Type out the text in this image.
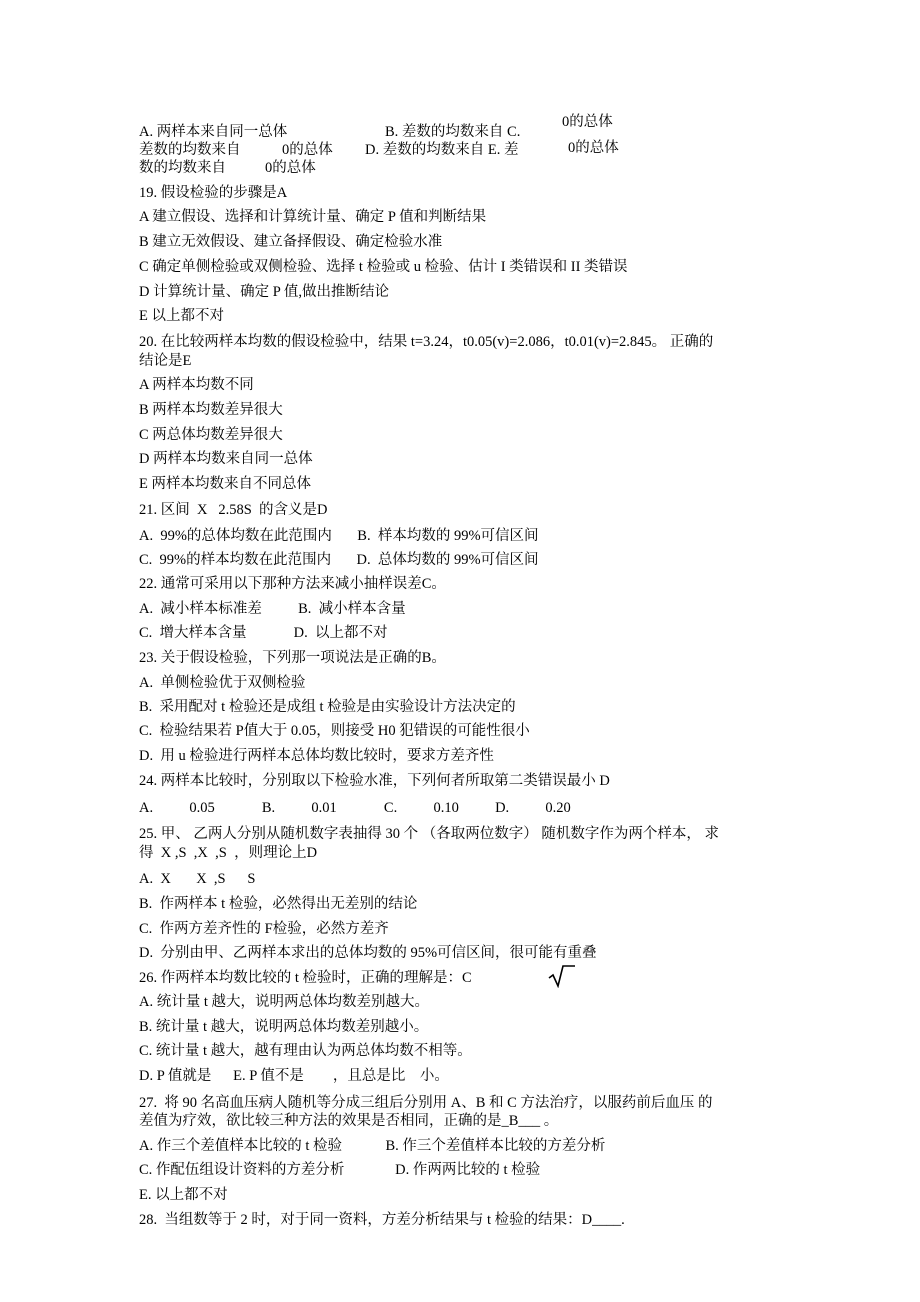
A. 两样本来自同一总体	B. 差数的均数来自 C.
0的总体
差数的均数来自	0的总体 D. 差数的均数来自 E. 差	0的总体
数的均数来自	0的总体
19. 假设检验的步骤是A
A 建立假设、选择和计算统计量、确定 P 值和判断结果
B 建立无效假设、建立备择假设、确定检验水准
C 确定单侧检验或双侧检验、选择 t 检验或 u 检验、估计 I 类错误和 II 类错误
D 计算统计量、确定 P 值,做出推断结论
E 以上都不对
20. 在比较两样本均数的假设检验中，结果 t=3.24，t0.05(v)=2.086，t0.01(v)=2.845。 正确的
结论是E
A 两样本均数不同
B 两样本均数差异很大
C 两总体均数差异很大
D 两样本均数来自同一总体
E 两样本均数来自不同总体
21. 区间  X   2.58S  的含义是D
A.  99%的总体均数在此范围内       B.  样本均数的 99%可信区间
C.  99%的样本均数在此范围内       D.  总体均数的 99%可信区间
22. 通常可采用以下那种方法来减小抽样误差C。
A.  减小样本标准差          B.  减小样本含量
C.  增大样本含量             D.  以上都不对
23. 关于假设检验，下列那一项说法是正确的B。
A.  单侧检验优于双侧检验
B.  采用配对 t 检验还是成组 t 检验是由实验设计方法决定的
C.  检验结果若 P值大于 0.05，则接受 H0 犯错误的可能性很小
D.  用 u 检验进行两样本总体均数比较时，要求方差齐性
24. 两样本比较时，分别取以下检验水准，下列何者所取第二类错误最小 D
A.          0.05             B.          0.01             C.          0.10          D.          0.20
25. 甲、 乙两人分别从随机数字表抽得 30 个 （各取两位数字） 随机数字作为两个样本， 求
得  X ,S  ,X  ,S  ，则理论上D
A.  X       X  ,S      S
B.  作两样本 t 检验，必然得出无差别的结论
C.  作两方差齐性的 F检验，必然方差齐
D.  分别由甲、乙两样本求出的总体均数的 95%可信区间，很可能有重叠
26. 作两样本均数比较的 t 检验时，正确的理解是：C
A. 统计量 t 越大，说明两总体均数差别越大。
B. 统计量 t 越大，说明两总体均数差别越小。
C. 统计量 t 越大，越有理由认为两总体均数不相等。
D. P 值就是      E. P 值不是        ，且总是比    小。
27.  将 90 名高血压病人随机等分成三组后分别用 A、B 和 C 方法治疗，以服药前后血压 的
差值为疗效，欲比较三种方法的效果是否相同，正确的是_B___ 。
A. 作三个差值样本比较的 t 检验            B. 作三个差值样本比较的方差分析
C. 作配伍组设计资料的方差分析              D. 作两两比较的 t 检验
E. 以上都不对
28.  当组数等于 2 时，对于同一资料，方差分析结果与 t 检验的结果：D____.
